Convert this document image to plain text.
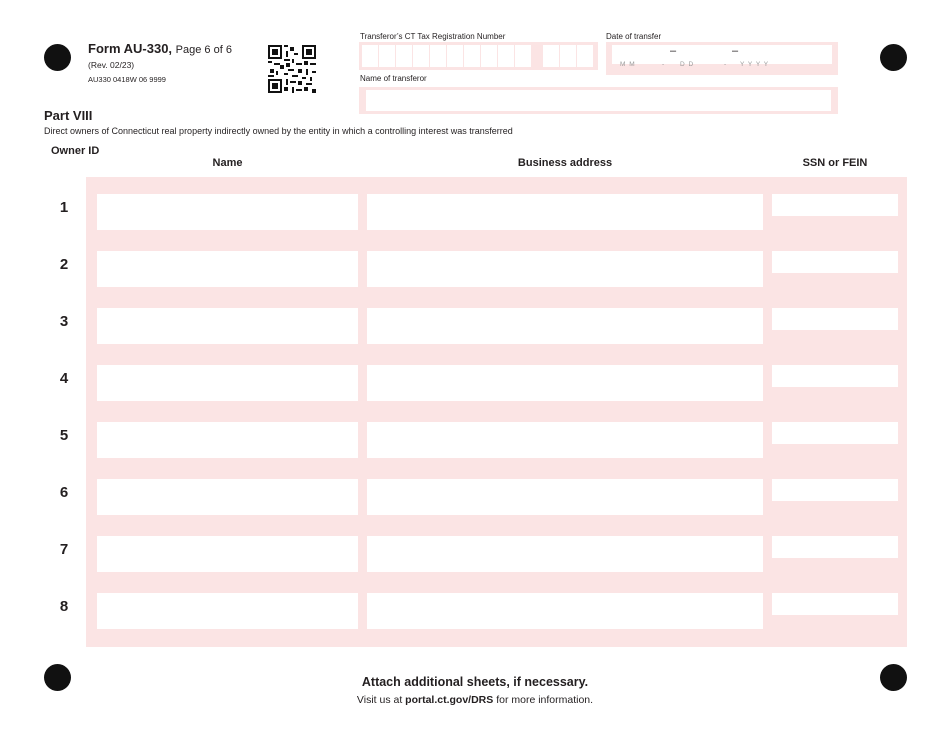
Form AU-330, Page 6 of 6
(Rev. 02/23)
AU330 0418W 06 9999
Transferor’s CT Tax Registration Number	Date of transfer
–	–
M M	- D D	- Y Y Y Y
Name of transferor
Part VIII
Direct owners of Connecticut real property indirectly owned by the entity in which a controlling interest was transferred
Owner ID
Name	Business address	SSN or FEIN
1
2
3
4
5
6
7
8
Attach additional sheets, if necessary.
Visit us at portal.ct.gov/DRS for more information.
